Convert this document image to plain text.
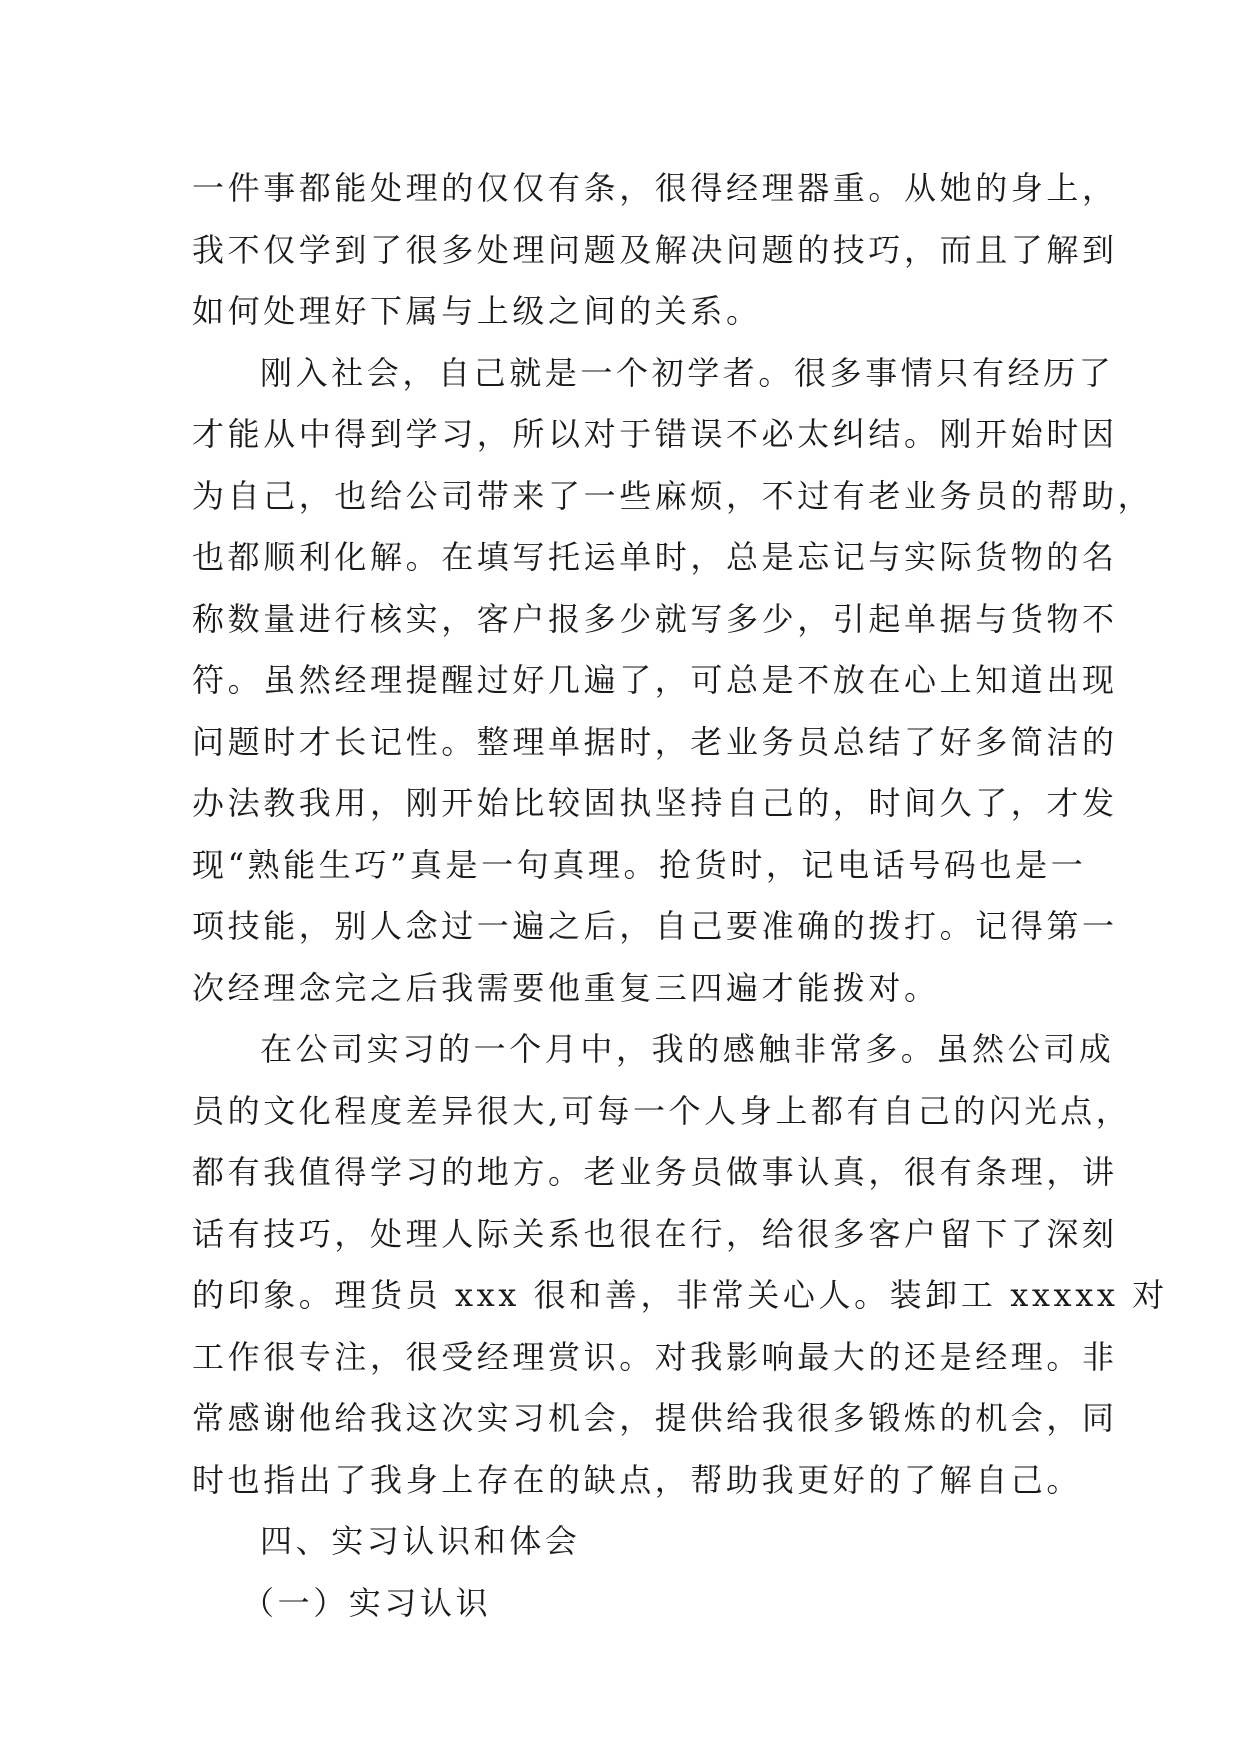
一件事都能处理的仅仅有条，很得经理器重。从她的身上，
我不仅学到了很多处理问题及解决问题的技巧，而且了解到
如何处理好下属与上级之间的关系。
刚入社会，自己就是一个初学者。很多事情只有经历了
才能从中得到学习，所以对于错误不必太纠结。刚开始时因
为自己，也给公司带来了一些麻烦，不过有老业务员的帮助，
也都顺利化解。在填写托运单时，总是忘记与实际货物的名
称数量进行核实，客户报多少就写多少，引起单据与货物不
符。虽然经理提醒过好几遍了，可总是不放在心上知道出现
问题时才长记性。整理单据时，老业务员总结了好多简洁的
办法教我用，刚开始比较固执坚持自己的，时间久了，才发
现“熟能生巧”真是一句真理。抢货时，记电话号码也是一
项技能，别人念过一遍之后，自己要准确的拨打。记得第一
次经理念完之后我需要他重复三四遍才能拨对。
在公司实习的一个月中，我的感触非常多。虽然公司成
员的文化程度差异很大,可每一个人身上都有自己的闪光点，
都有我值得学习的地方。老业务员做事认真，很有条理，讲
话有技巧，处理人际关系也很在行，给很多客户留下了深刻
的印象。理货员 xxx 很和善，非常关心人。装卸工 xxxxx 对
工作很专注，很受经理赏识。对我影响最大的还是经理。非
常感谢他给我这次实习机会，提供给我很多锻炼的机会，同
时也指出了我身上存在的缺点，帮助我更好的了解自己。
四、实习认识和体会
（一）实习认识
